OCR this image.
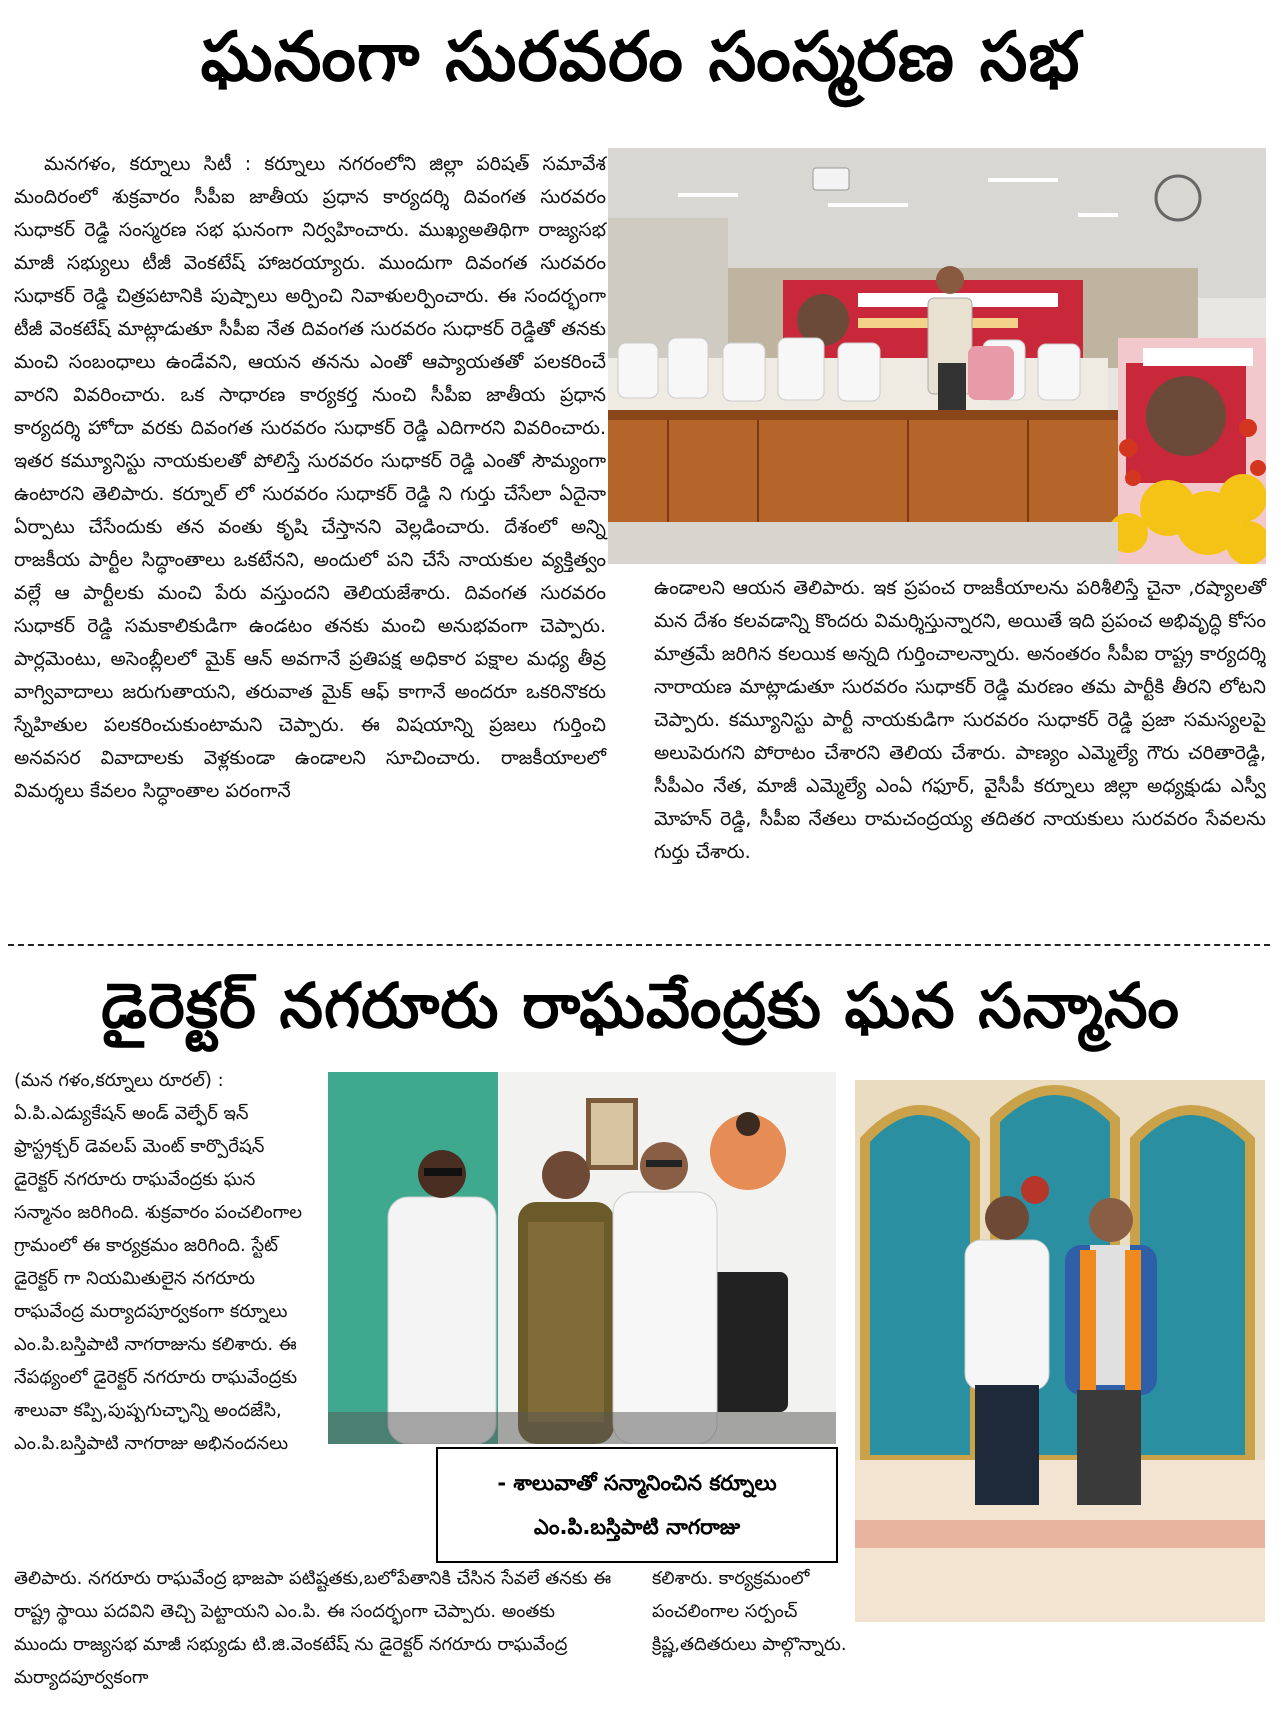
ఘనంగా సురవరం సంస్మరణ సభ

మనగళం, కర్నూలు సిటీ : కర్నూలు నగరంలోని జిల్లా పరిషత్ సమావేశ మందిరంలో శుక్రవారం సీపీఐ జాతీయ ప్రధాన కార్యదర్శి దివంగత సురవరం సుధాకర్ రెడ్డి సంస్మరణ సభ ఘనంగా నిర్వహించారు. ముఖ్యఅతిథిగా రాజ్యసభ మాజీ సభ్యులు టీజీ వెంకటేష్ హాజరయ్యారు. ముందుగా దివంగత సురవరం సుధాకర్ రెడ్డి చిత్రపటానికి పుష్పాలు అర్పించి నివాళులర్పించారు. ఈ సందర్భంగా టీజీ వెంకటేష్ మాట్లాడుతూ సీపీఐ నేత దివంగత సురవరం సుధాకర్ రెడ్డితో తనకు మంచి సంబంధాలు ఉండేవని, ఆయన తనను ఎంతో ఆప్యాయతతో పలకరించే వారని వివరించారు. ఒక సాధారణ కార్యకర్త నుంచి సీపీఐ జాతీయ ప్రధాన కార్యదర్శి హోదా వరకు దివంగత సురవరం సుధాకర్ రెడ్డి ఎదిగారని వివరించారు. ఇతర కమ్యూనిస్టు నాయకులతో పోలిస్తే సురవరం సుధాకర్ రెడ్డి ఎంతో సౌమ్యంగా ఉంటారని తెలిపారు. కర్నూల్ లో సురవరం సుధాకర్ రెడ్డి ని గుర్తు చేసేలా ఏదైనా ఏర్పాటు చేసేందుకు తన వంతు కృషి చేస్తానని వెల్లడించారు. దేశంలో అన్ని రాజకీయ పార్టీల సిద్ధాంతాలు ఒకటేనని, అందులో పని చేసే నాయకుల వ్యక్తిత్వం వల్లే ఆ పార్టీలకు మంచి పేరు వస్తుందని తెలియజేశారు. దివంగత సురవరం సుధాకర్ రెడ్డి సమకాలికుడిగా ఉండటం తనకు మంచి అనుభవంగా చెప్పారు. పార్లమెంటు, అసెంబ్లీలలో మైక్ ఆన్ అవగానే ప్రతిపక్ష అధికార పక్షాల మధ్య తీవ్ర వాగ్వివాదాలు జరుగుతాయని, తరువాత మైక్ ఆఫ్ కాగానే అందరూ ఒకరినొకరు స్నేహితుల పలకరించుకుంటామని చెప్పారు. ఈ విషయాన్ని ప్రజలు గుర్తించి అనవసర వివాదాలకు వెళ్లకుండా ఉండాలని సూచించారు. రాజకీయాలలో విమర్శలు కేవలం సిద్ధాంతాల పరంగానే

ఉండాలని ఆయన తెలిపారు. ఇక ప్రపంచ రాజకీయాలను పరిశీలిస్తే చైనా ,రష్యాలతో మన దేశం కలవడాన్ని కొందరు విమర్శిస్తున్నారని, అయితే ఇది ప్రపంచ అభివృద్ధి కోసం మాత్రమే జరిగిన కలయిక అన్నది గుర్తించాలన్నారు. అనంతరం సీపీఐ రాష్ట్ర కార్యదర్శి నారాయణ మాట్లాడుతూ సురవరం సుధాకర్ రెడ్డి మరణం తమ పార్టీకి తీరని లోటని చెప్పారు. కమ్యూనిస్టు పార్టీ నాయకుడిగా సురవరం సుధాకర్ రెడ్డి ప్రజా సమస్యలపై అలుపెరుగని పోరాటం చేశారని తెలియ చేశారు. పాణ్యం ఎమ్మెల్యే గౌరు చరితారెడ్డి, సీపీఎం నేత, మాజీ ఎమ్మెల్యే ఎంఏ గఫూర్, వైసీపీ కర్నూలు జిల్లా అధ్యక్షుడు ఎస్వీ మోహన్ రెడ్డి, సీపీఐ నేతలు రామచంద్రయ్య తదితర నాయకులు సురవరం సేవలను గుర్తు చేశారు.

డైరెక్టర్ నగరూరు రాఘవేంద్రకు ఘన సన్మానం

(మన గళం,కర్నూలు రూరల్) : ఏ.పి.ఎడ్యుకేషన్ అండ్ వెల్ఫేర్ ఇన్ ఫ్రాస్ట్రక్చర్ డెవలప్ మెంట్ కార్పొరేషన్ డైరెక్టర్ నగరూరు రాఘవేంద్రకు ఘన సన్మానం జరిగింది. శుక్రవారం పంచలింగాల గ్రామంలో ఈ కార్యక్రమం జరిగింది. స్టేట్ డైరెక్టర్ గా నియమితులైన నగరూరు రాఘవేంద్ర మర్యాదపూర్వకంగా కర్నూలు ఎం.పి.బస్తిపాటి నాగరాజును కలిశారు. ఈ నేపథ్యంలో డైరెక్టర్ నగరూరు రాఘవేంద్రకు శాలువా కప్పి,పుష్పగుచ్ఛాన్ని అందజేసి, ఎం.పి.బస్తిపాటి నాగరాజు అభినందనలు

- శాలువాతో సన్మానించిన కర్నూలు
ఎం.పి.బస్తిపాటి నాగరాజు

తెలిపారు. నగరూరు రాఘవేంద్ర భాజపా పటిష్టతకు,బలోపేతానికి చేసిన సేవలే తనకు ఈ రాష్ట్ర స్థాయి పదవిని తెచ్చి పెట్టాయని ఎం.పి. ఈ సందర్భంగా చెప్పారు. అంతకు ముందు రాజ్యసభ మాజీ సభ్యుడు టి.జి.వెంకటేష్ ను డైరెక్టర్ నగరూరు రాఘవేంద్ర మర్యాదపూర్వకంగా

కలిశారు. కార్యక్రమంలో పంచలింగాల సర్పంచ్ క్రిష్ణ,తదితరులు పాల్గొన్నారు.
